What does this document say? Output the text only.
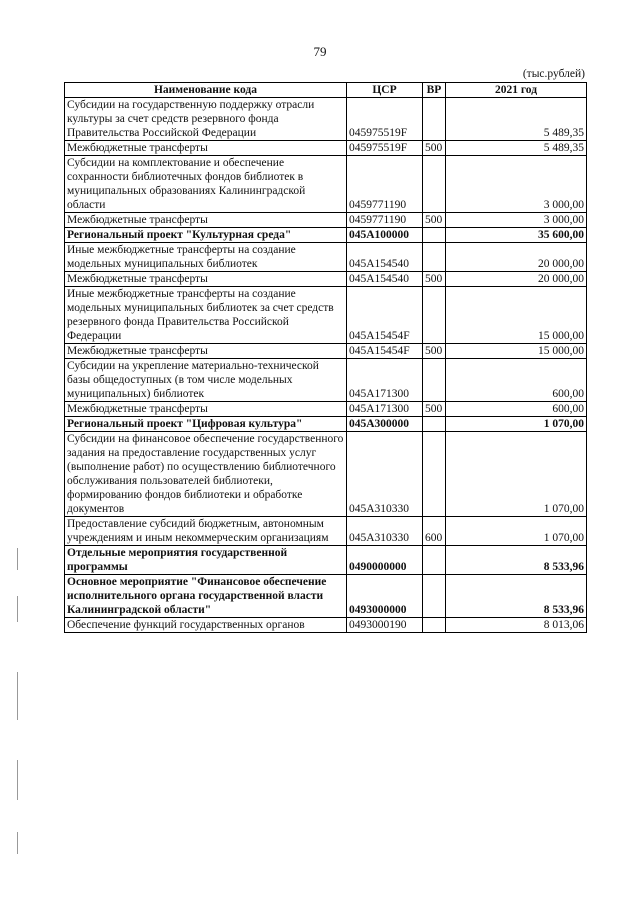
79
(тыс.рублей)
Наименование кода	ЦСР	ВР	2021 год
Субсидии на государственную поддержку отрасли культуры за счет средств резервного фонда Правительства Российской Федерации	045975519F		5 489,35
Межбюджетные трансферты	045975519F	500	5 489,35
Субсидии на комплектование и обеспечение сохранности библиотечных фондов библиотек в муниципальных образованиях Калининградской области	0459771190		3 000,00
Межбюджетные трансферты	0459771190	500	3 000,00
Региональный проект "Культурная среда"	045А100000		35 600,00
Иные межбюджетные трансферты на создание модельных муниципальных библиотек	045А154540		20 000,00
Межбюджетные трансферты	045А154540	500	20 000,00
Иные межбюджетные трансферты на создание модельных муниципальных библиотек за счет средств резервного фонда Правительства Российской Федерации	045А15454F		15 000,00
Межбюджетные трансферты	045А15454F	500	15 000,00
Субсидии на укрепление материально-технической базы общедоступных (в том числе модельных муниципальных) библиотек	045А171300		600,00
Межбюджетные трансферты	045А171300	500	600,00
Региональный проект "Цифровая культура"	045А300000		1 070,00
Субсидии на финансовое обеспечение государственного задания на предоставление государственных услуг (выполнение работ) по осуществлению библиотечного обслуживания пользователей библиотеки, формированию фондов библиотеки и обработке документов	045А310330		1 070,00
Предоставление субсидий бюджетным, автономным учреждениям и иным некоммерческим организациям	045А310330	600	1 070,00
Отдельные мероприятия государственной программы	0490000000		8 533,96
Основное мероприятие "Финансовое обеспечение исполнительного органа государственной власти Калининградской области"	0493000000		8 533,96
Обеспечение функций государственных органов	0493000190		8 013,06
